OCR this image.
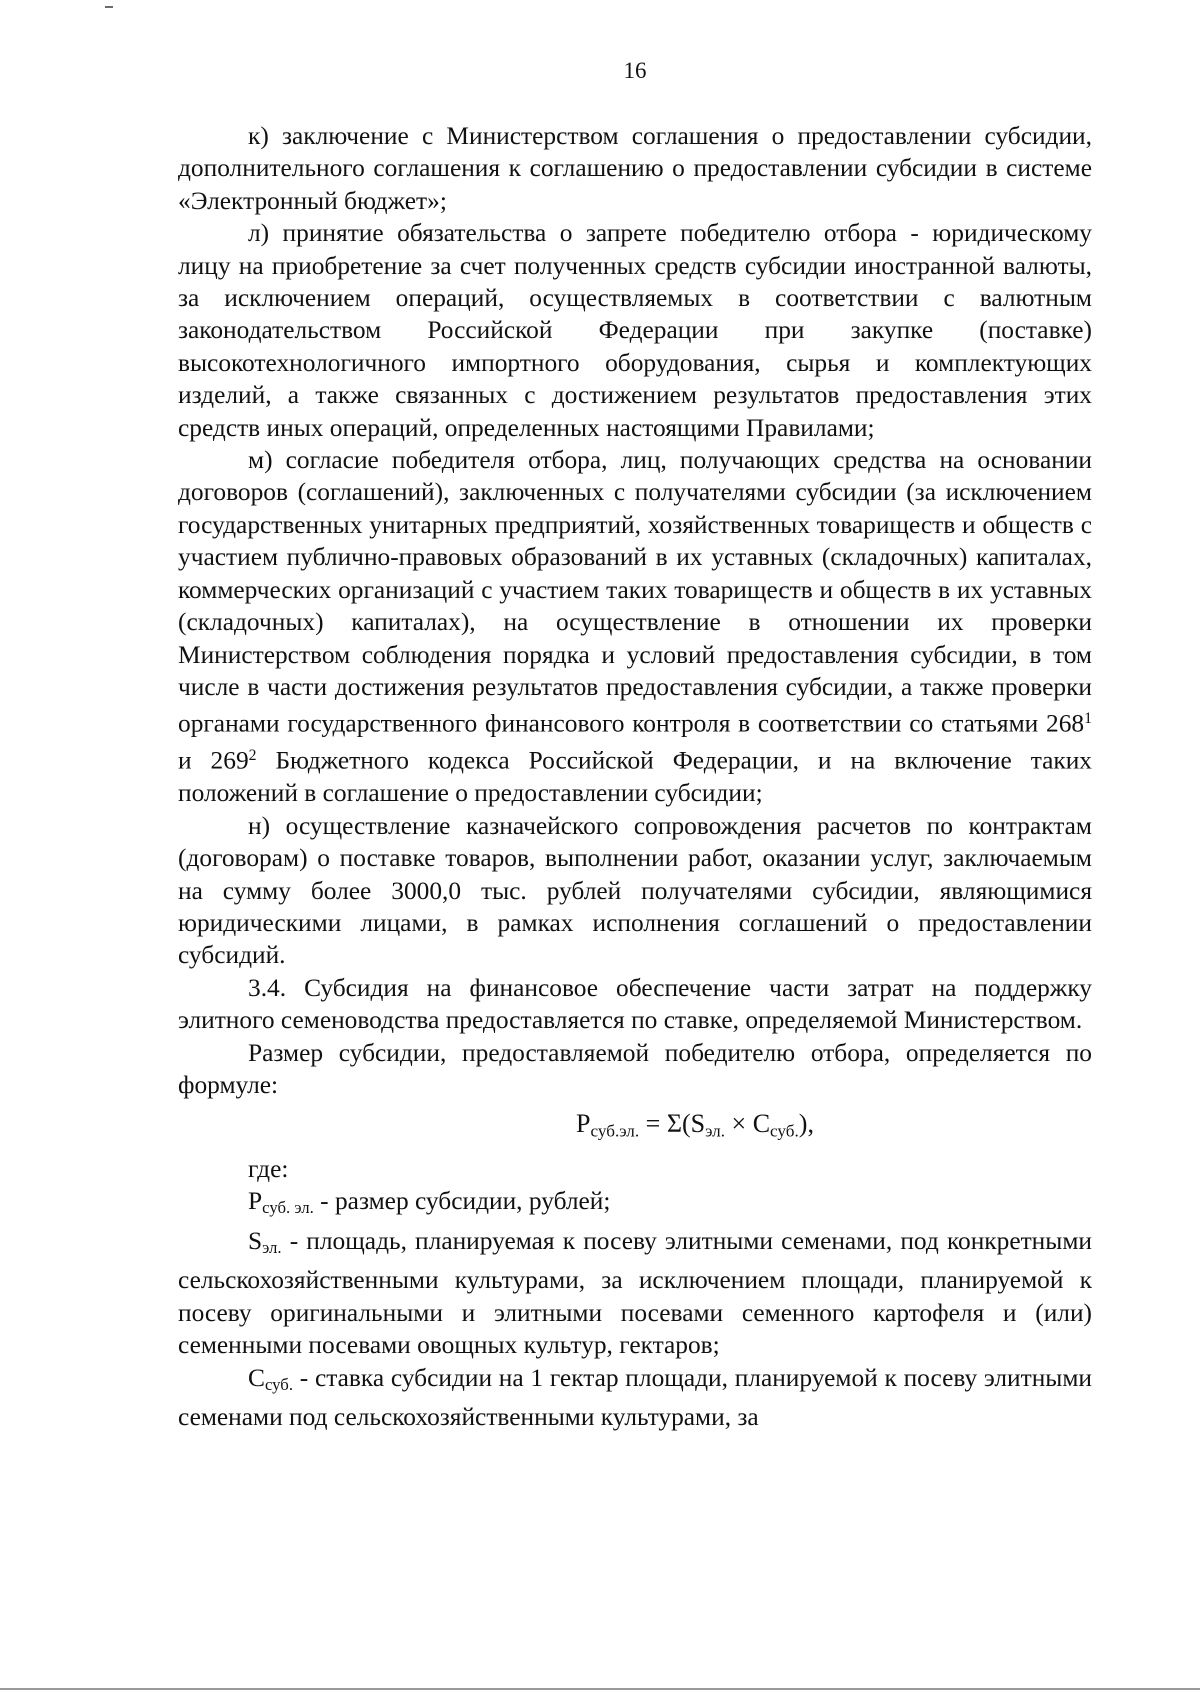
16

к) заключение с Министерством соглашения о предоставлении субсидии, дополнительного соглашения к соглашению о предоставлении субсидии в системе «Электронный бюджет»;

л) принятие обязательства о запрете победителю отбора - юридическому лицу на приобретение за счет полученных средств субсидии иностранной валюты, за исключением операций, осуществляемых в соответствии с валютным законодательством Российской Федерации при закупке (поставке) высокотехнологичного импортного оборудования, сырья и комплектующих изделий, а также связанных с достижением результатов предоставления этих средств иных операций, определенных настоящими Правилами;

м) согласие победителя отбора, лиц, получающих средства на основании договоров (соглашений), заключенных с получателями субсидии (за исключением государственных унитарных предприятий, хозяйственных товариществ и обществ с участием публично-правовых образований в их уставных (складочных) капиталах, коммерческих организаций с участием таких товариществ и обществ в их уставных (складочных) капиталах), на осуществление в отношении их проверки Министерством соблюдения порядка и условий предоставления субсидии, в том числе в части достижения результатов предоставления субсидии, а также проверки органами государственного финансового контроля в соответствии со статьями $268^1$ и $269^2$ Бюджетного кодекса Российской Федерации, и на включение таких положений в соглашение о предоставлении субсидии;

н) осуществление казначейского сопровождения расчетов по контрактам (договорам) о поставке товаров, выполнении работ, оказании услуг, заключаемым на сумму более 3000,0 тыс. рублей получателями субсидии, являющимися юридическими лицами, в рамках исполнения соглашений о предоставлении субсидий.

3.4. Субсидия на финансовое обеспечение части затрат на поддержку элитного семеноводства предоставляется по ставке, определяемой Министерством.

Размер субсидии, предоставляемой победителю отбора, определяется по формуле:

$P_{суб.эл.} = \Sigma(S_{эл.} \times C_{суб.})$,

где:

$P_{суб. эл.}$ - размер субсидии, рублей;

$S_{эл.}$ - площадь, планируемая к посеву элитными семенами, под конкретными сельскохозяйственными культурами, за исключением площади, планируемой к посеву оригинальными и элитными посевами семенного картофеля и (или) семенными посевами овощных культур, гектаров;

$C_{суб.}$ - ставка субсидии на 1 гектар площади, планируемой к посеву элитными семенами под сельскохозяйственными культурами, за
